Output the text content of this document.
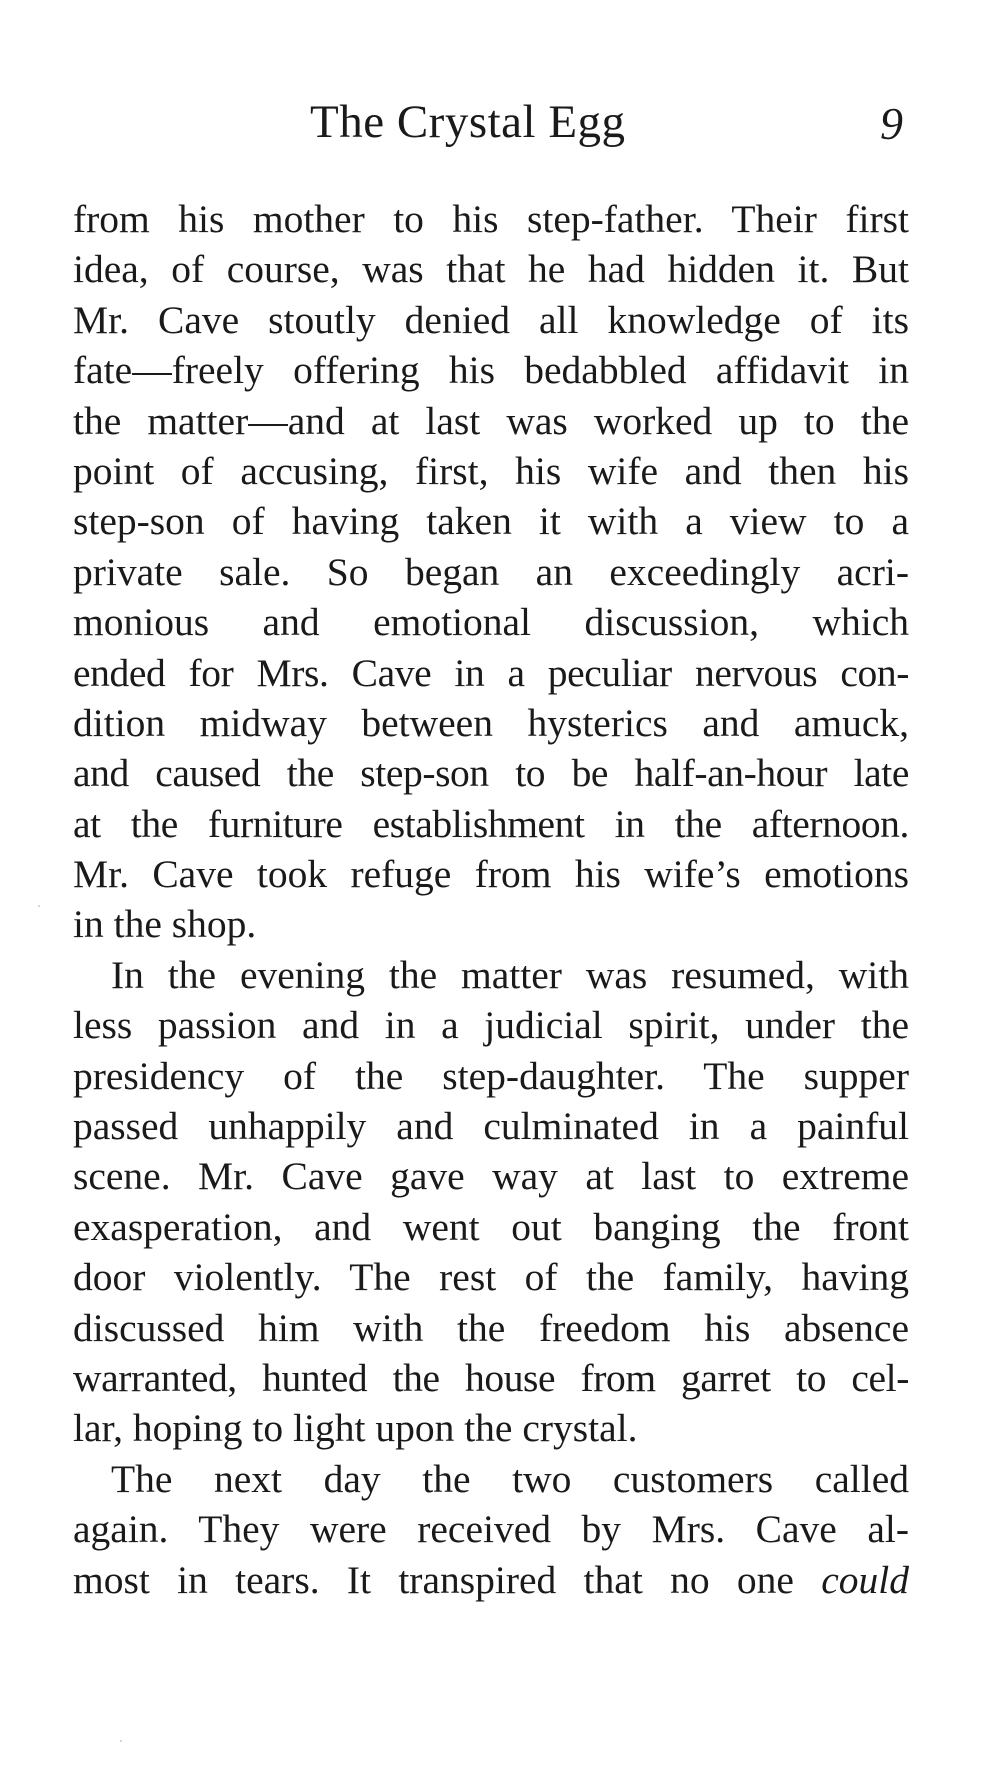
The Crystal Egg	9
from his mother to his step-father. Their first
idea, of course, was that he had hidden it. But
Mr. Cave stoutly denied all knowledge of its
fate—freely offering his bedabbled affidavit in
the matter—and at last was worked up to the
point of accusing, first, his wife and then his
step-son of having taken it with a view to a
private sale. So began an exceedingly acri-
monious and emotional discussion, which
ended for Mrs. Cave in a peculiar nervous con-
dition midway between hysterics and amuck,
and caused the step-son to be half-an-hour late
at the furniture establishment in the afternoon.
Mr. Cave took refuge from his wife’s emotions
in the shop.
In the evening the matter was resumed, with
less passion and in a judicial spirit, under the
presidency of the step-daughter. The supper
passed unhappily and culminated in a painful
scene. Mr. Cave gave way at last to extreme
exasperation, and went out banging the front
door violently. The rest of the family, having
discussed him with the freedom his absence
warranted, hunted the house from garret to cel-
lar, hoping to light upon the crystal.
The next day the two customers called
again. They were received by Mrs. Cave al-
most in tears. It transpired that no one could
